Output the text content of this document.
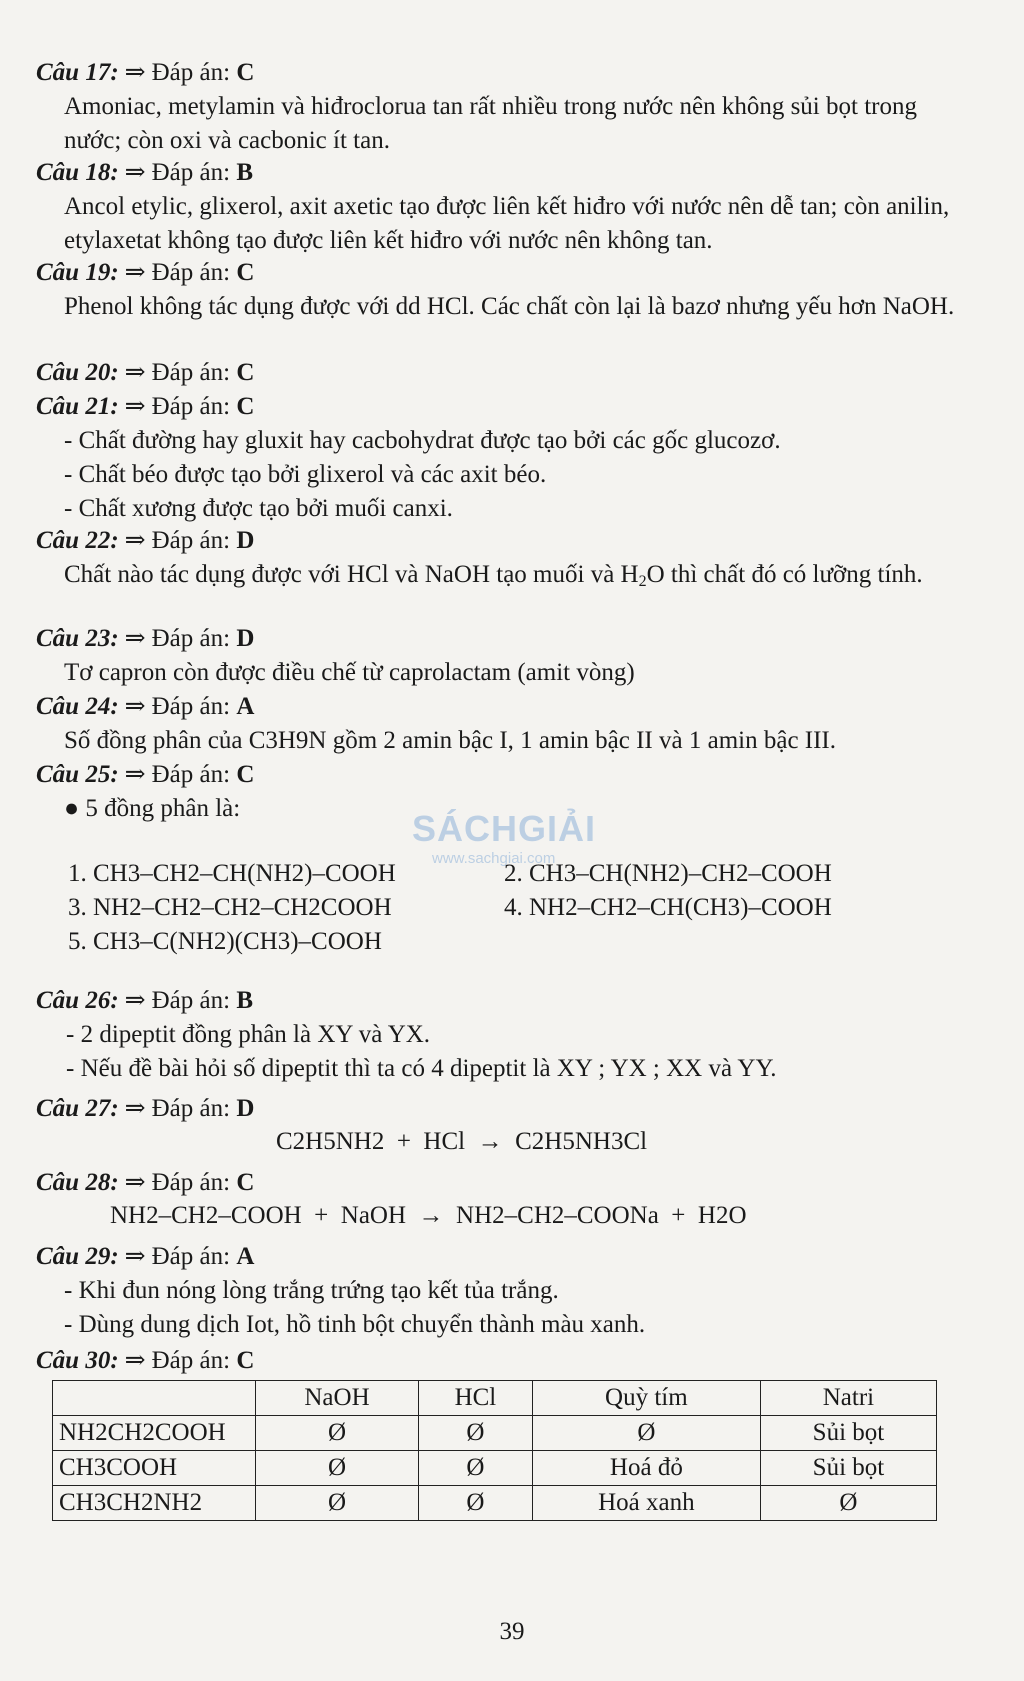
Câu 17: ⇒ Đáp án: C
Amoniac, metylamin và hiđroclorua tan rất nhiều trong nước nên không sủi bọt trong nước; còn oxi và cacbonic ít tan.
Câu 18: ⇒ Đáp án: B
Ancol etylic, glixerol, axit axetic tạo được liên kết hiđro với nước nên dễ tan; còn anilin, etylaxetat không tạo được liên kết hiđro với nước nên không tan.
Câu 19: ⇒ Đáp án: C
Phenol không tác dụng được với dd HCl. Các chất còn lại là bazơ nhưng yếu hơn NaOH.
Câu 20: ⇒ Đáp án: C
Câu 21: ⇒ Đáp án: C
- Chất đường hay gluxit hay cacbohydrat được tạo bởi các gốc glucozơ.
- Chất béo được tạo bởi glixerol và các axit béo.
- Chất xương được tạo bởi muối canxi.
Câu 22: ⇒ Đáp án: D
Chất nào tác dụng được với HCl và NaOH tạo muối và $H_2O$ thì chất đó có lưỡng tính.
Câu 23: ⇒ Đáp án: D
Tơ capron còn được điều chế từ caprolactam (amit vòng)
Câu 24: ⇒ Đáp án: A
Số đồng phân của C3H9N gồm 2 amin bậc I, 1 amin bậc II và 1 amin bậc III.
Câu 25: ⇒ Đáp án: C
● 5 đồng phân là:
1. CH3–CH2–CH(NH2)–COOH	2. CH3–CH(NH2)–CH2–COOH
3. NH2–CH2–CH2–CH2COOH	4. NH2–CH2–CH(CH3)–COOH
5. CH3–C(NH2)(CH3)–COOH
Câu 26: ⇒ Đáp án: B
- 2 dipeptit đồng phân là XY và YX.
- Nếu đề bài hỏi số dipeptit thì ta có 4 dipeptit là XY ; YX ; XX và YY.
Câu 27: ⇒ Đáp án: D
C2H5NH2  +  HCl  →  C2H5NH3Cl
Câu 28: ⇒ Đáp án: C
NH2–CH2–COOH  +  NaOH  →  NH2–CH2–COONa  +  H2O
Câu 29: ⇒ Đáp án: A
- Khi đun nóng lòng trắng trứng tạo kết tủa trắng.
- Dùng dung dịch Iot, hồ tinh bột chuyển thành màu xanh.
Câu 30: ⇒ Đáp án: C
	NaOH	HCl	Quỳ tím	Natri
NH2CH2COOH	Ø	Ø	Ø	Sủi bọt
CH3COOH	Ø	Ø	Hoá đỏ	Sủi bọt
CH3CH2NH2	Ø	Ø	Hoá xanh	Ø
SÁCHGIẢI
www.sachgiai.com
39
